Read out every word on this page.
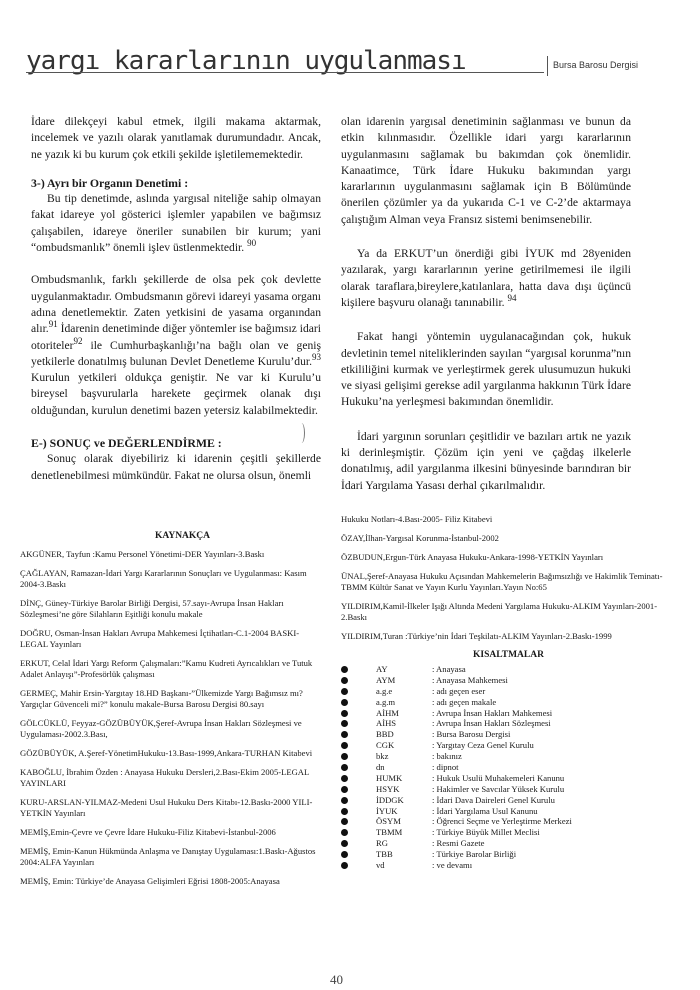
yargı kararlarının uygulanması	Bursa Barosu Dergisi

İdare dilekçeyi kabul etmek, ilgili makama aktarmak, incelemek ve yazılı olarak yanıtlamak durumundadır. Ancak, ne yazık ki bu kurum çok etkili şekilde işletilememektedir.

3-) Ayrı bir Organın Denetimi :

Bu tip denetimde, aslında yargısal niteliğe sahip olmayan fakat idareye yol gösterici işlemler yapabilen ve bağımsız çalışabilen, idareye öneriler sunabilen bir kurum; yani “ombudsmanlık” önemli işlev üstlenmektedir. $^{90}$

Ombudsmanlık, farklı şekillerde de olsa pek çok devlette uygulanmaktadır. Ombudsmanın görevi idareyi yasama organı adına denetlemektir. Zaten yetkisini de yasama organından alır.$^{91}$ İdarenin denetiminde diğer yöntemler ise bağımsız idari otoriteler$^{92}$ ile Cumhurbaşkanlığı’na bağlı olan ve geniş yetkilerle donatılmış bulunan Devlet Denetleme Kurulu’dur.$^{93}$ Kurulun yetkileri oldukça geniştir. Ne var ki Kurulu’u bireysel başvurularla harekete geçirmek olanak dışı olduğundan, kurulun denetimi bazen yetersiz kalabilmektedir.

E-) SONUÇ ve DEĞERLENDİRME :

Sonuç olarak diyebiliriz ki idarenin çeşitli şekillerde denetlenebilmesi mümkündür. Fakat ne olursa olsun, önemli

olan idarenin yargısal denetiminin sağlanması ve bunun da etkin kılınmasıdır. Özellikle idari yargı kararlarının uygulanmasını sağlamak bu bakımdan çok önemlidir. Kanaatimce, Türk İdare Hukuku bakımından yargı kararlarının uygulanmasını sağlamak için B Bölümünde önerilen çözümler ya da yukarıda C-1 ve C-2’de aktarmaya çalıştığım Alman veya Fransız sistemi benimsenebilir.

Ya da ERKUT’un önerdiği gibi İYUK md 28yeniden yazılarak, yargı kararlarının yerine getirilmemesi ile ilgili olarak taraflara,bireylere,katılanlara, hatta dava dışı üçüncü kişilere başvuru olanağı tanınabilir. $^{94}$

Fakat hangi yöntemin uygulanacağından çok, hukuk devletinin temel niteliklerinden sayılan “yargısal korunma”nın etkililiğini kurmak ve yerleştirmek gerek ulusumuzun hukuki ve siyasi gelişimi gerekse adil yargılanma hakkının Türk İdare Hukuku’na yerleşmesi bakımından önemlidir.

İdari yargının sorunları çeşitlidir ve bazıları artık ne yazık ki derinleşmiştir. Çözüm için yeni ve çağdaş ilkelerle donatılmış, adil yargılanma ilkesini bünyesinde barındıran bir İdari Yargılama Yasası derhal çıkarılmalıdır.

KAYNAKÇA
AKGÜNER, Tayfun :Kamu Personel Yönetimi-DER Yayınları-3.Baskı
ÇAĞLAYAN, Ramazan-İdari Yargı Kararlarının Sonuçları ve Uygulanması: Kasım 2004-3.Baskı
DİNÇ, Güney-Türkiye Barolar Birliği Dergisi, 57.sayı-Avrupa İnsan Hakları Sözleşmesi’ne göre Silahların Eşitliği konulu makale
DOĞRU, Osman-İnsan Hakları Avrupa Mahkemesi İçtihatları-C.1-2004 BASKI-LEGAL Yayınları
ERKUT, Celal İdari Yargı Reform Çalışmaları:”Kamu Kudreti Ayrıcalıkları ve Tutuk Adalet Anlayışı”-Profesörlük çalışması
GERMEÇ, Mahir Ersin-Yargıtay 18.HD Başkanı-”Ülkemizde Yargı Bağımsız mı?Yargıçlar Güvenceli mi?” konulu makale-Bursa Barosu Dergisi 80.sayı
GÖLCÜKLÜ, Feyyaz-GÖZÜBÜYÜK,Şeref-Avrupa İnsan Hakları Sözleşmesi ve Uygulaması-2002.3.Bası,
GÖZÜBÜYÜK, A.Şeref-YönetimHukuku-13.Bası-1999,Ankara-TURHAN Kitabevi
KABOĞLU, İbrahim Özden : Anayasa Hukuku Dersleri,2.Bası-Ekim 2005-LEGAL YAYINLARI
KURU-ARSLAN-YILMAZ-Medeni Usul Hukuku Ders Kitabı-12.Baskı-2000 YILI-YETKİN Yayınları
MEMİŞ,Emin-Çevre ve Çevre İdare Hukuku-Filiz Kitabevi-İstanbul-2006
MEMİŞ, Emin-Kanun Hükmünda Anlaşma ve Danıştay Uygulaması:1.Baskı-Ağustos 2004:ALFA Yayınları
MEMİŞ, Emin: Türkiye’de Anayasa Gelişimleri Eğrisi 1808-2005:Anayasa
Hukuku Notları-4.Bası-2005- Filiz Kitabevi
ÖZAY,İlhan-Yargısal Korunma-İstanbul-2002
ÖZBUDUN,Ergun-Türk Anayasa Hukuku-Ankara-1998-YETKİN Yayınları
ÜNAL,Şeref-Anayasa Hukuku Açısından Mahkemelerin Bağımsızlığı ve Hakimlik Teminatı-TBMM Kültür Sanat ve Yayın Kurlu Yayınları.Yayın No:65
YILDIRIM,Kamil-İlkeler Işığı Altında Medeni Yargılama Hukuku-ALKIM Yayınları-2001-2.Baskı
YILDIRIM,Turan :Türkiye’nin İdari Teşkilatı-ALKIM Yayınları-2.Baskı-1999
KISALTMALAR
AY	: Anayasa
AYM	: Anayasa Mahkemesi
a.g.e	: adı geçen eser
a.g.m	: adı geçen makale
AİHM	: Avrupa İnsan Hakları Mahkemesi
AİHS	: Avrupa İnsan Hakları Sözleşmesi
BBD	: Bursa Barosu Dergisi
CGK	: Yargıtay Ceza Genel Kurulu
bkz	: bakınız
dn	: dipnot
HUMK	: Hukuk Usulü Muhakemeleri Kanunu
HSYK	: Hakimler ve Savcılar Yüksek Kurulu
İDDGK	: İdari Dava Daireleri Genel Kurulu
İYUK	: İdari Yargılama Usul Kanunu
ÖSYM	: Öğrenci Seçme ve Yerleştirme Merkezi
TBMM	: Türkiye Büyük Millet Meclisi
RG	: Resmi Gazete
TBB	: Türkiye Barolar Birliği
vd	: ve devamı
40
